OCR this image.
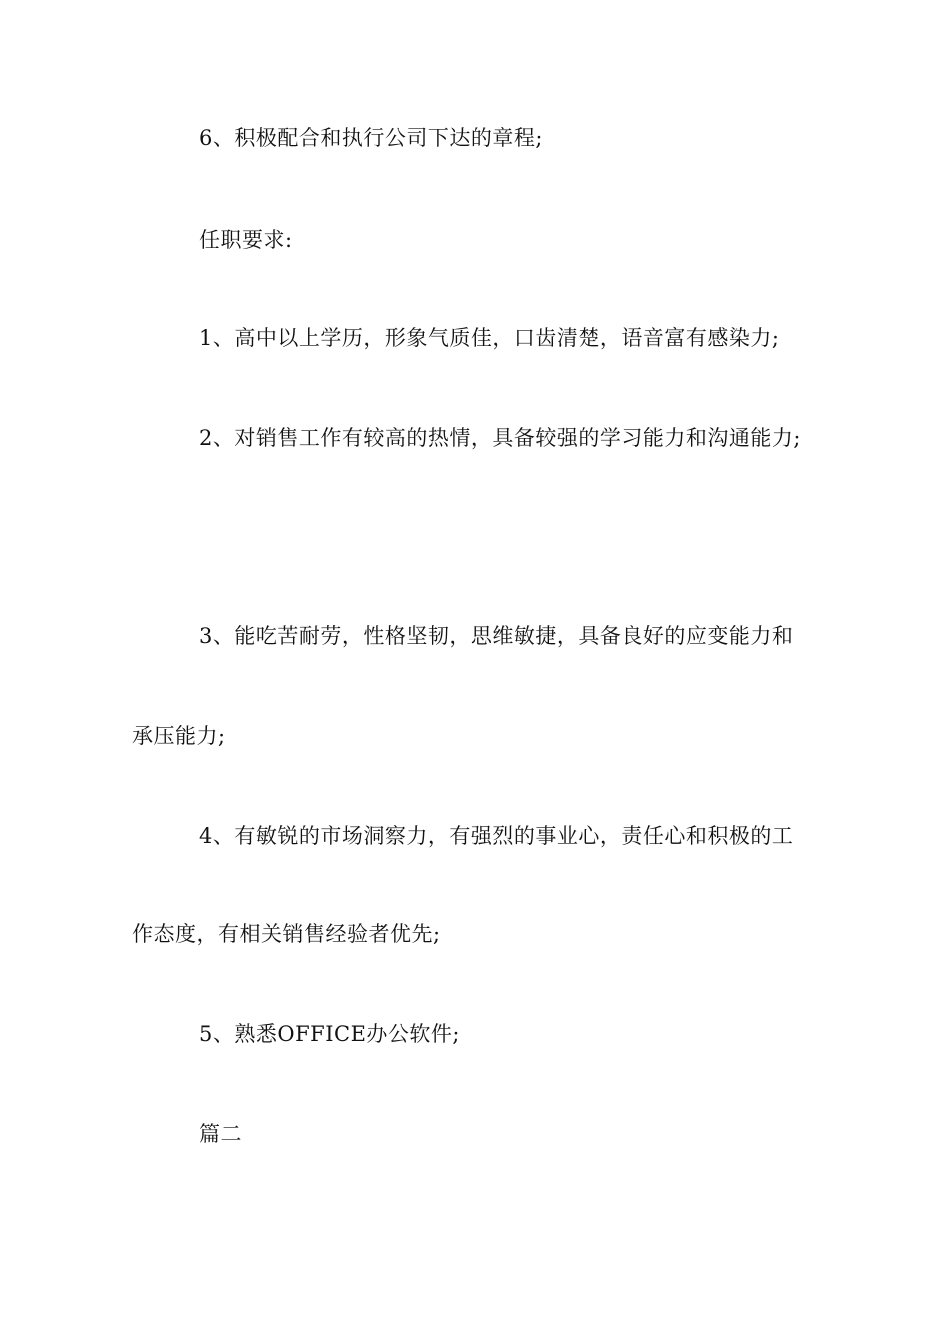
6、积极配合和执行公司下达的章程;
任职要求:
1、高中以上学历，形象气质佳，口齿清楚，语音富有感染力;
2、对销售工作有较高的热情，具备较强的学习能力和沟通能力;
3、能吃苦耐劳，性格坚韧，思维敏捷，具备良好的应变能力和
承压能力;
4、有敏锐的市场洞察力，有强烈的事业心，责任心和积极的工
作态度，有相关销售经验者优先;
5、熟悉OFFICE办公软件;
篇二
